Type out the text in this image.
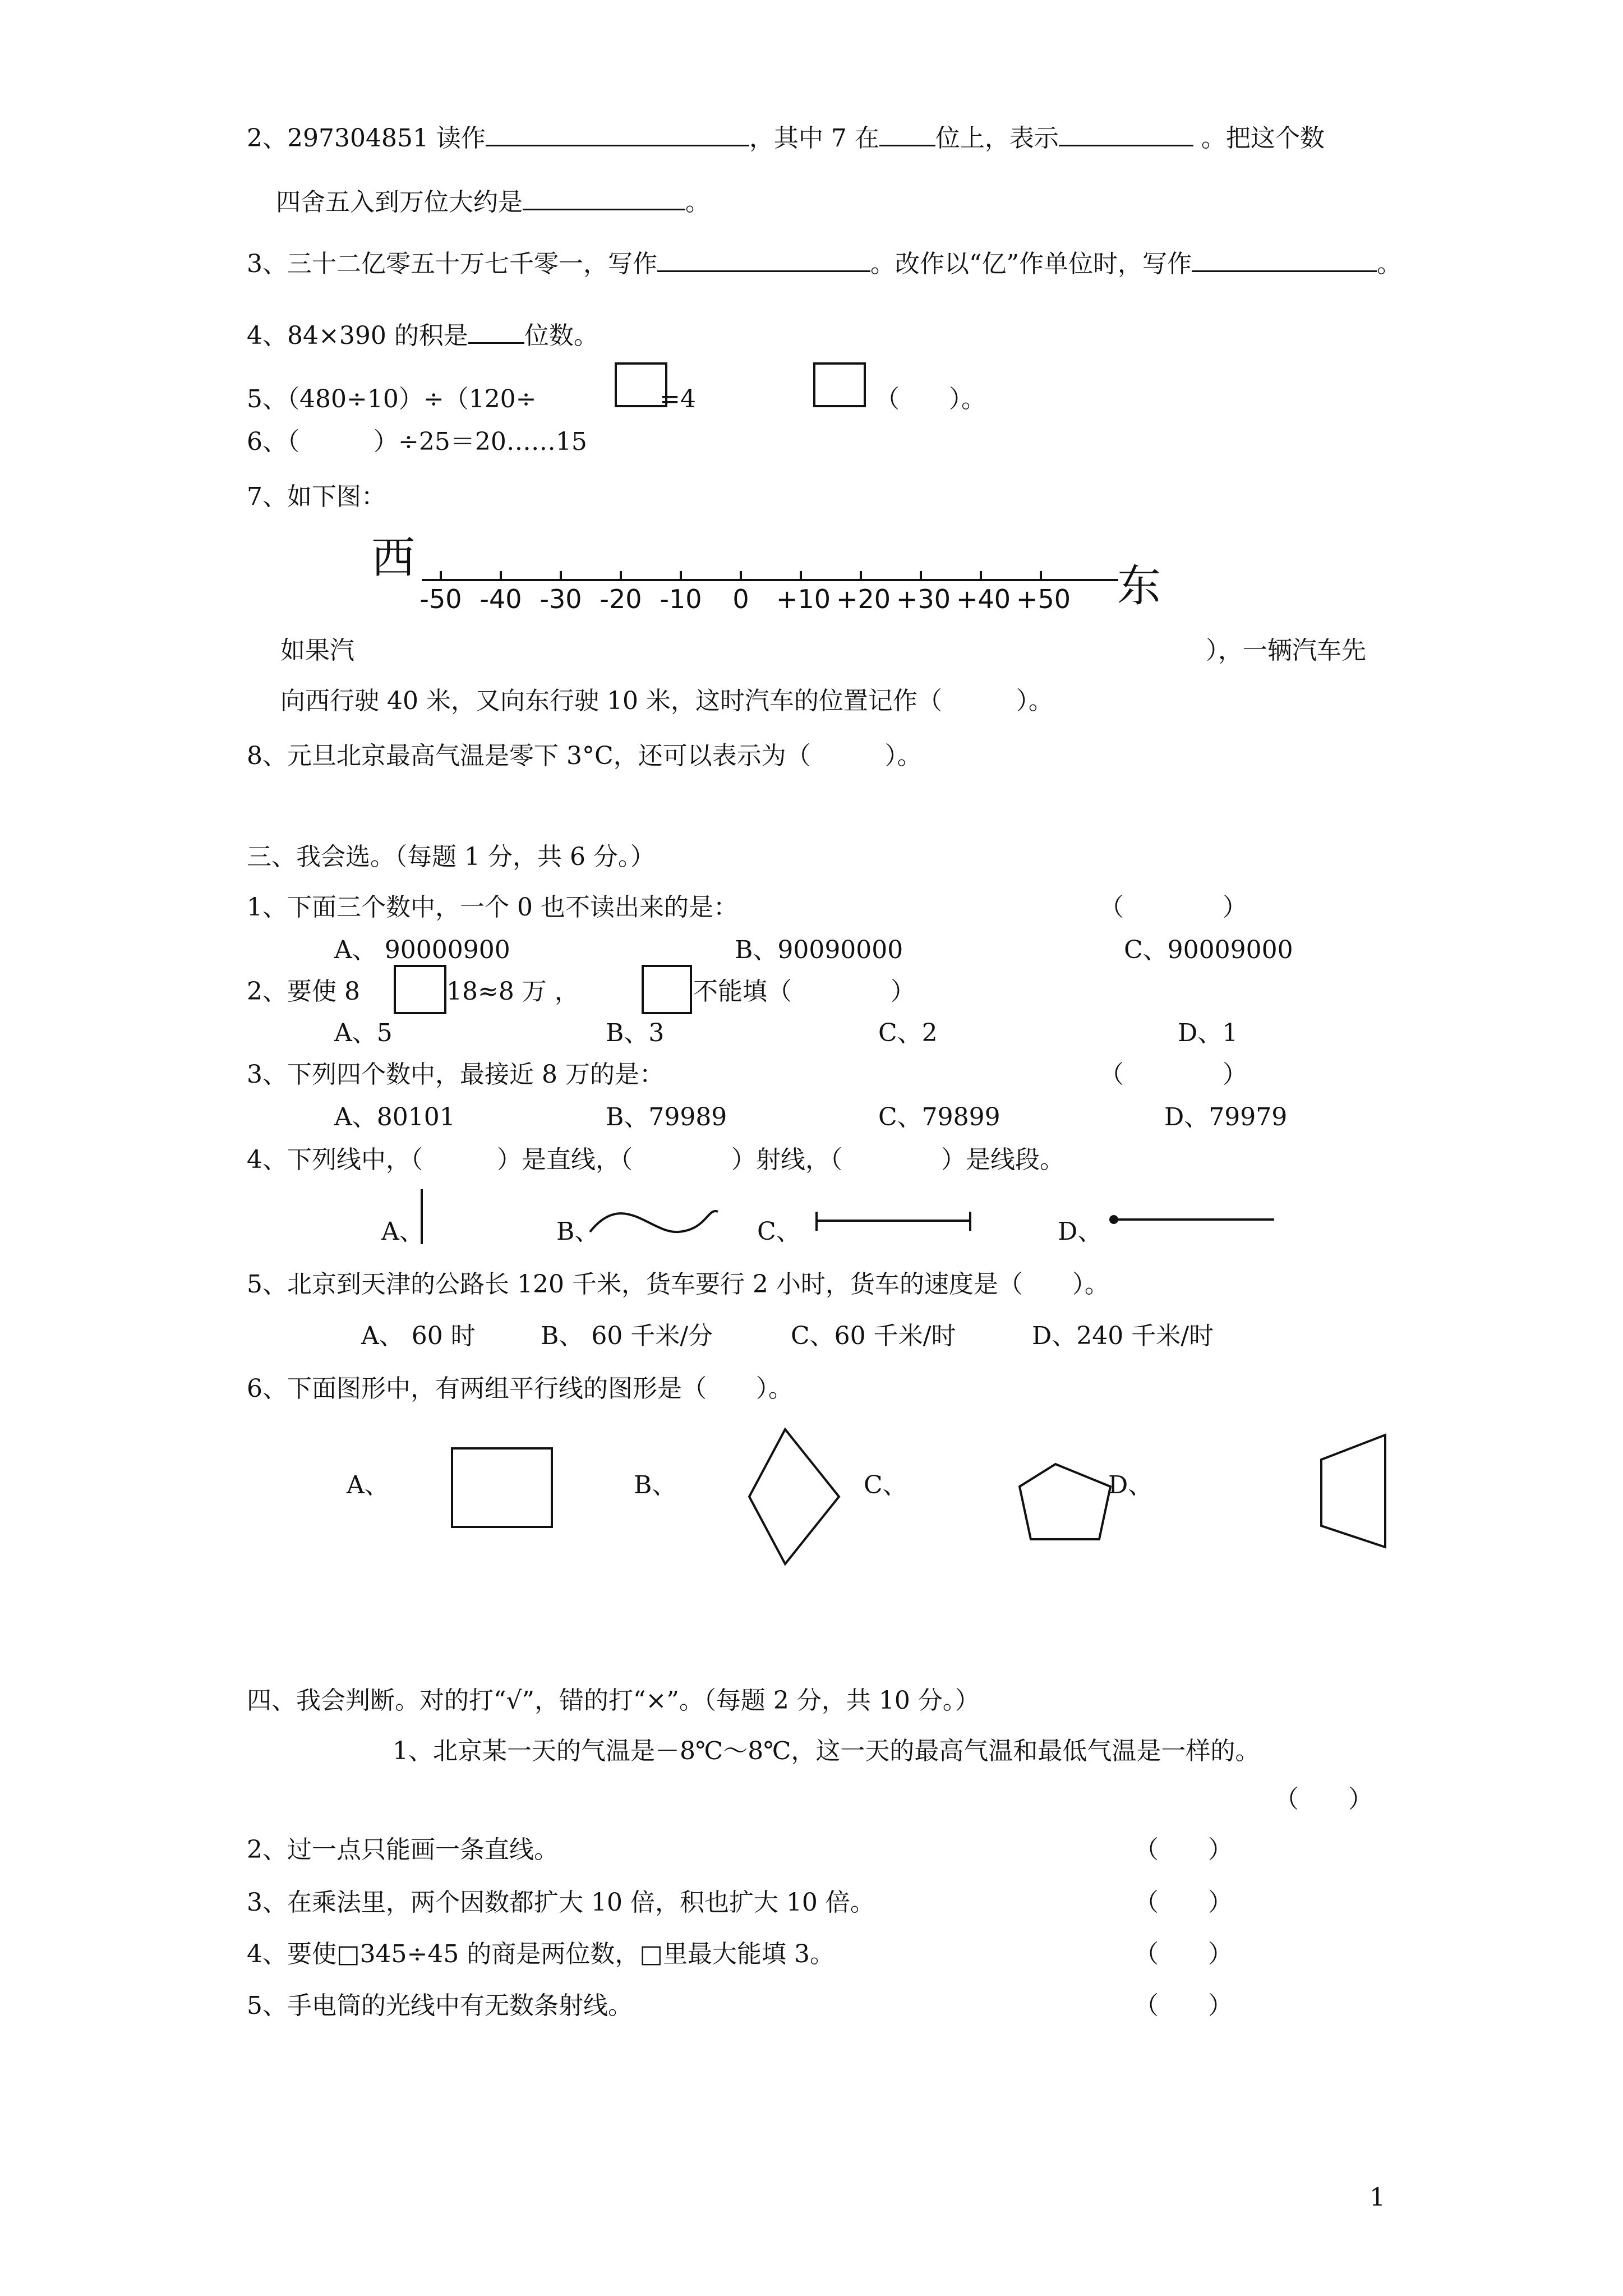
2、297304851 读作	，其中 7 在 位上，表示	。把这个数
四舍五入到万位大约是	。
3、三十二亿零五十万七千零一，写作	。改作以“亿”作单位时，写作	。
4、84×390 的积是 位数。
5、（480÷10）÷（120÷	=4	（　　）。
6、（　　　）÷25＝20……15
7、如下图：
西
东
-50 -40 -30 -20 -10	0	+10 +20 +30 +40 +50
如果汽	），一辆汽车先
向西行驶 40 米，又向东行驶 10 米，这时汽车的位置记作（　　　）。
8、元旦北京最高气温是零下 3°C，还可以表示为（　　　）。
三、我会选。（每题 1 分，共 6 分。）
1、下面三个数中，一个 0 也不读出来的是：	（　　　　）
A、 90000900	B、90090000	C、90009000
2、要使 8	18≈8 万 ，	不能填（　　　　）
A、5	B、3	C、2	D、1
3、下列四个数中，最接近 8 万的是：	（　　　　）
A、80101	B、79989	C、79899	D、79979
4、下列线中，（　　　）是直线，（　　　　）射线，（　　　　）是线段。
A、	B、	C、	D、
5、北京到天津的公路长 120 千米，货车要行 2 小时，货车的速度是（　　）。
A、 60 时	B、 60 千米/分	C、60 千米/时	D、240 千米/时
6、下面图形中，有两组平行线的图形是（　　）。
A、	B、	C、	D、
四、我会判断。对的打“√”，错的打“×”。（每题 2 分，共 10 分。）
1、北京某一天的气温是－8℃～8℃，这一天的最高气温和最低气温是一样的。
（　　）
2、过一点只能画一条直线。	（　　）
3、在乘法里，两个因数都扩大 10 倍，积也扩大 10 倍。	（　　）
4、要使□345÷45 的商是两位数，□里最大能填 3。	（　　）
5、手电筒的光线中有无数条射线。	（　　）
1
